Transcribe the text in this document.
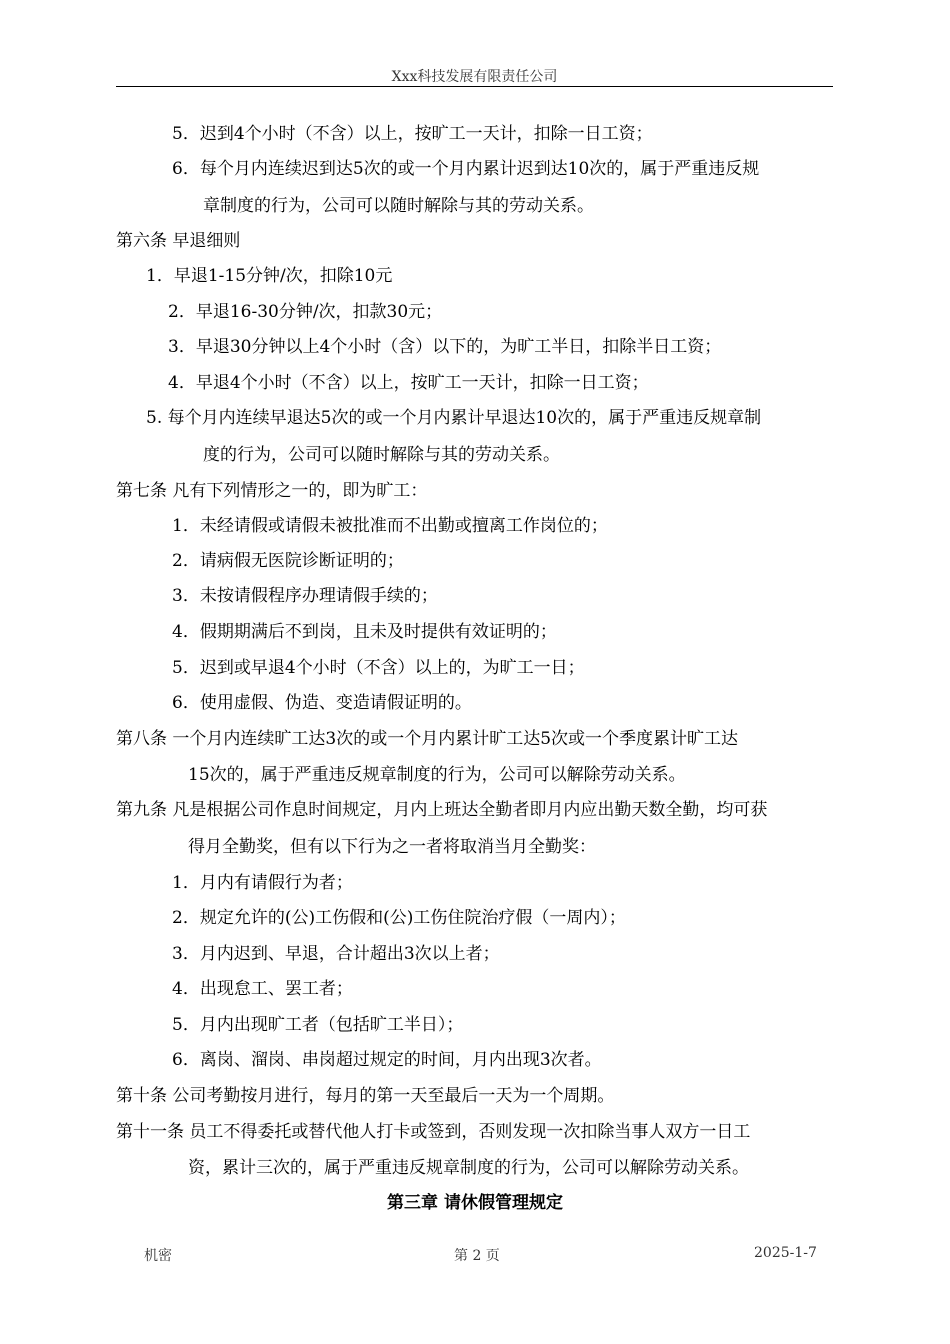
Xxx科技发展有限责任公司
5．迟到4个小时（不含）以上，按旷工一天计，扣除一日工资；
6．每个月内连续迟到达5次的或一个月内累计迟到达10次的，属于严重违反规
章制度的行为，公司可以随时解除与其的劳动关系。
第六条 早退细则
1．早退1-15分钟/次，扣除10元
2．早退16-30分钟/次，扣款30元；
3．早退30分钟以上4个小时（含）以下的，为旷工半日，扣除半日工资；
4．早退4个小时（不含）以上，按旷工一天计，扣除一日工资；
5. 每个月内连续早退达5次的或一个月内累计早退达10次的，属于严重违反规章制
度的行为，公司可以随时解除与其的劳动关系。
第七条 凡有下列情形之一的，即为旷工：
1．未经请假或请假未被批准而不出勤或擅离工作岗位的；
2．请病假无医院诊断证明的；
3．未按请假程序办理请假手续的；
4．假期期满后不到岗，且未及时提供有效证明的；
5．迟到或早退4个小时（不含）以上的，为旷工一日；
6．使用虚假、伪造、变造请假证明的。
第八条 一个月内连续旷工达3次的或一个月内累计旷工达5次或一个季度累计旷工达
15次的，属于严重违反规章制度的行为，公司可以解除劳动关系。
第九条 凡是根据公司作息时间规定，月内上班达全勤者即月内应出勤天数全勤，均可获
得月全勤奖，但有以下行为之一者将取消当月全勤奖：
1．月内有请假行为者；
2．规定允许的(公)工伤假和(公)工伤住院治疗假（一周内）；
3．月内迟到、早退，合计超出3次以上者；
4．出现怠工、罢工者；
5．月内出现旷工者（包括旷工半日）；
6．离岗、溜岗、串岗超过规定的时间，月内出现3次者。
第十条 公司考勤按月进行，每月的第一天至最后一天为一个周期。
第十一条 员工不得委托或替代他人打卡或签到，否则发现一次扣除当事人双方一日工
资，累计三次的，属于严重违反规章制度的行为，公司可以解除劳动关系。
第三章 请休假管理规定
机密	第 2 页	2025-1-7
